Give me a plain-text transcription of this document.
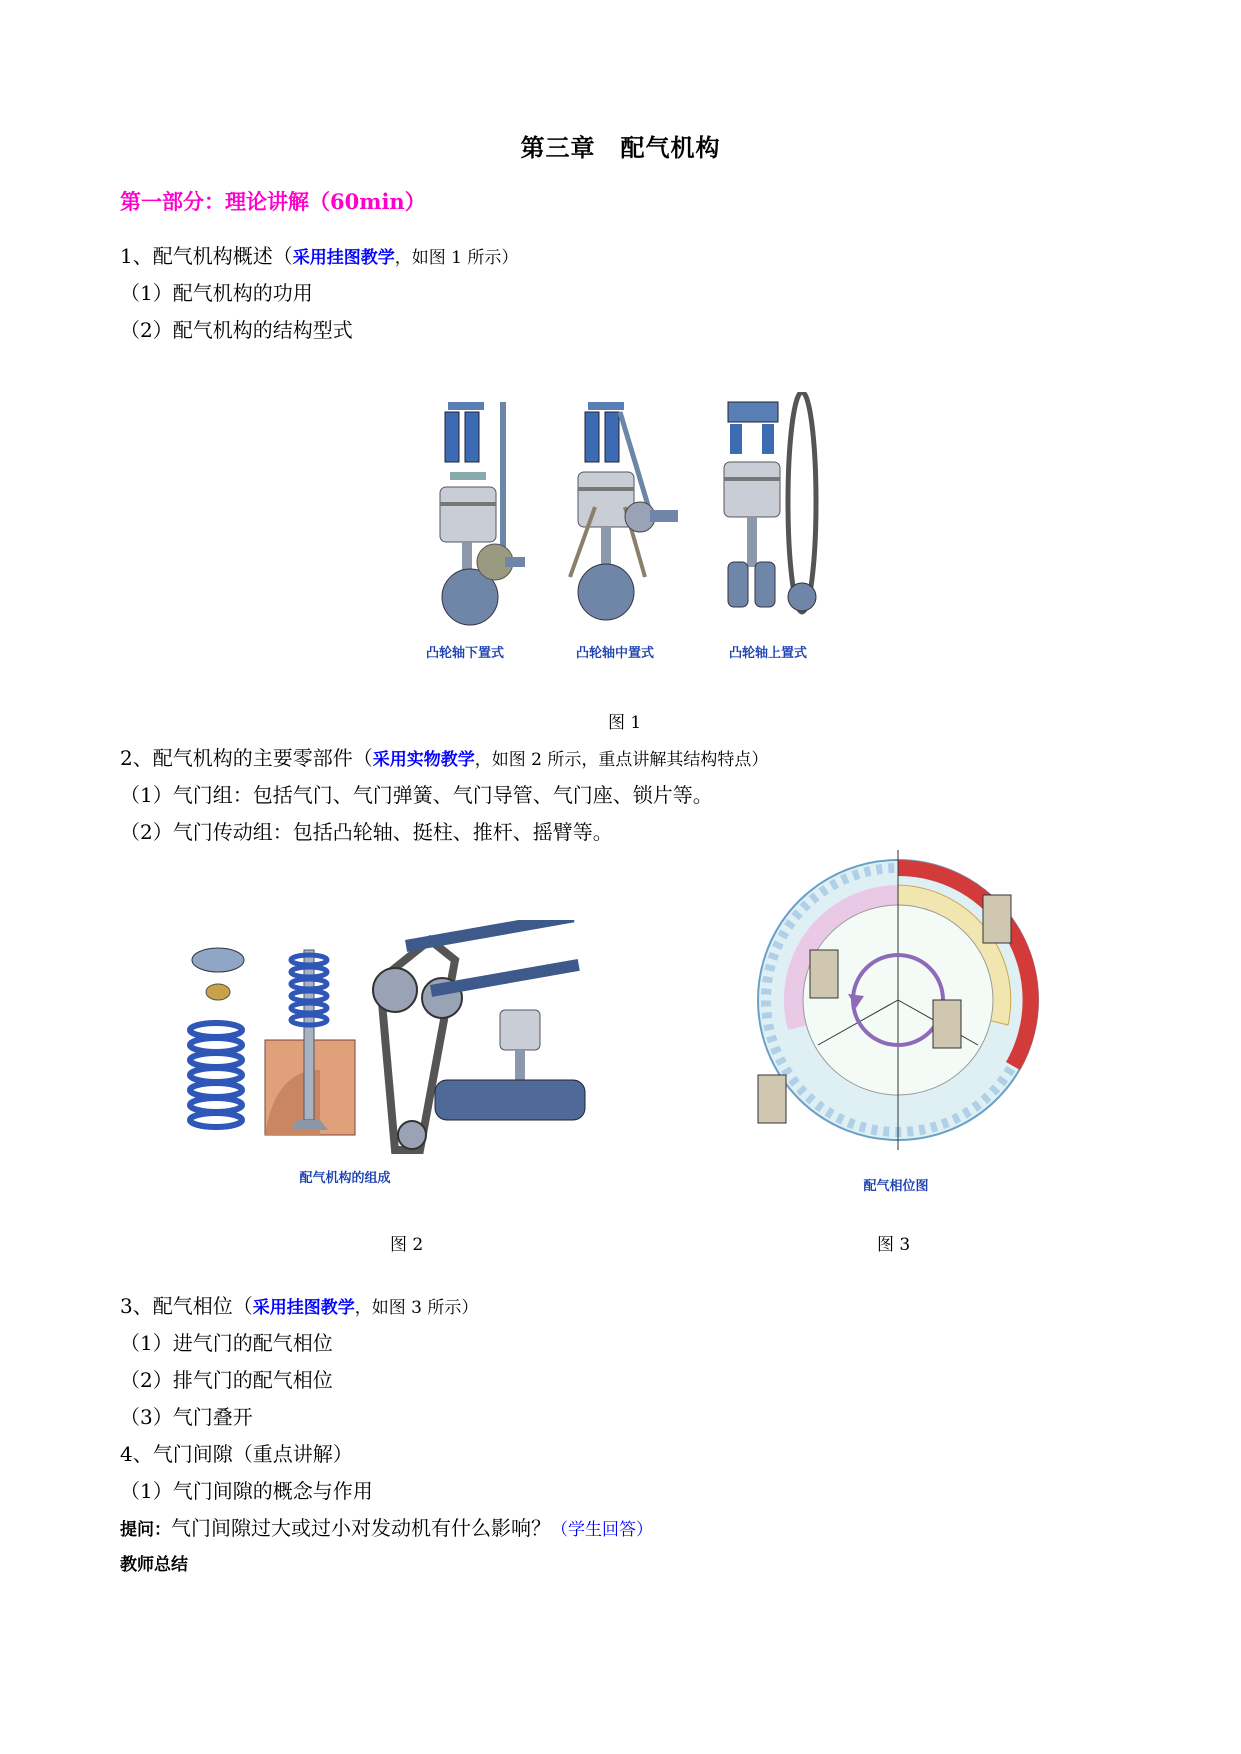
第三章　配气机构
第一部分：理论讲解（60min）
1、配气机构概述（采用挂图教学，如图 1 所示）
（1）配气机构的功用
（2）配气机构的结构型式
凸轮轴下置式	凸轮轴中置式	凸轮轴上置式
图 1
2、配气机构的主要零部件（采用实物教学，如图 2 所示，重点讲解其结构特点）
（1）气门组：包括气门、气门弹簧、气门导管、气门座、锁片等。
（2）气门传动组：包括凸轮轴、挺柱、推杆、摇臂等。
配气机构的组成
图 2
配气相位图
图 3
3、配气相位（采用挂图教学，如图 3 所示）
（1）进气门的配气相位
（2）排气门的配气相位
（3）气门叠开
4、气门间隙（重点讲解）
（1）气门间隙的概念与作用
提问：气门间隙过大或过小对发动机有什么影响？（学生回答）
教师总结
